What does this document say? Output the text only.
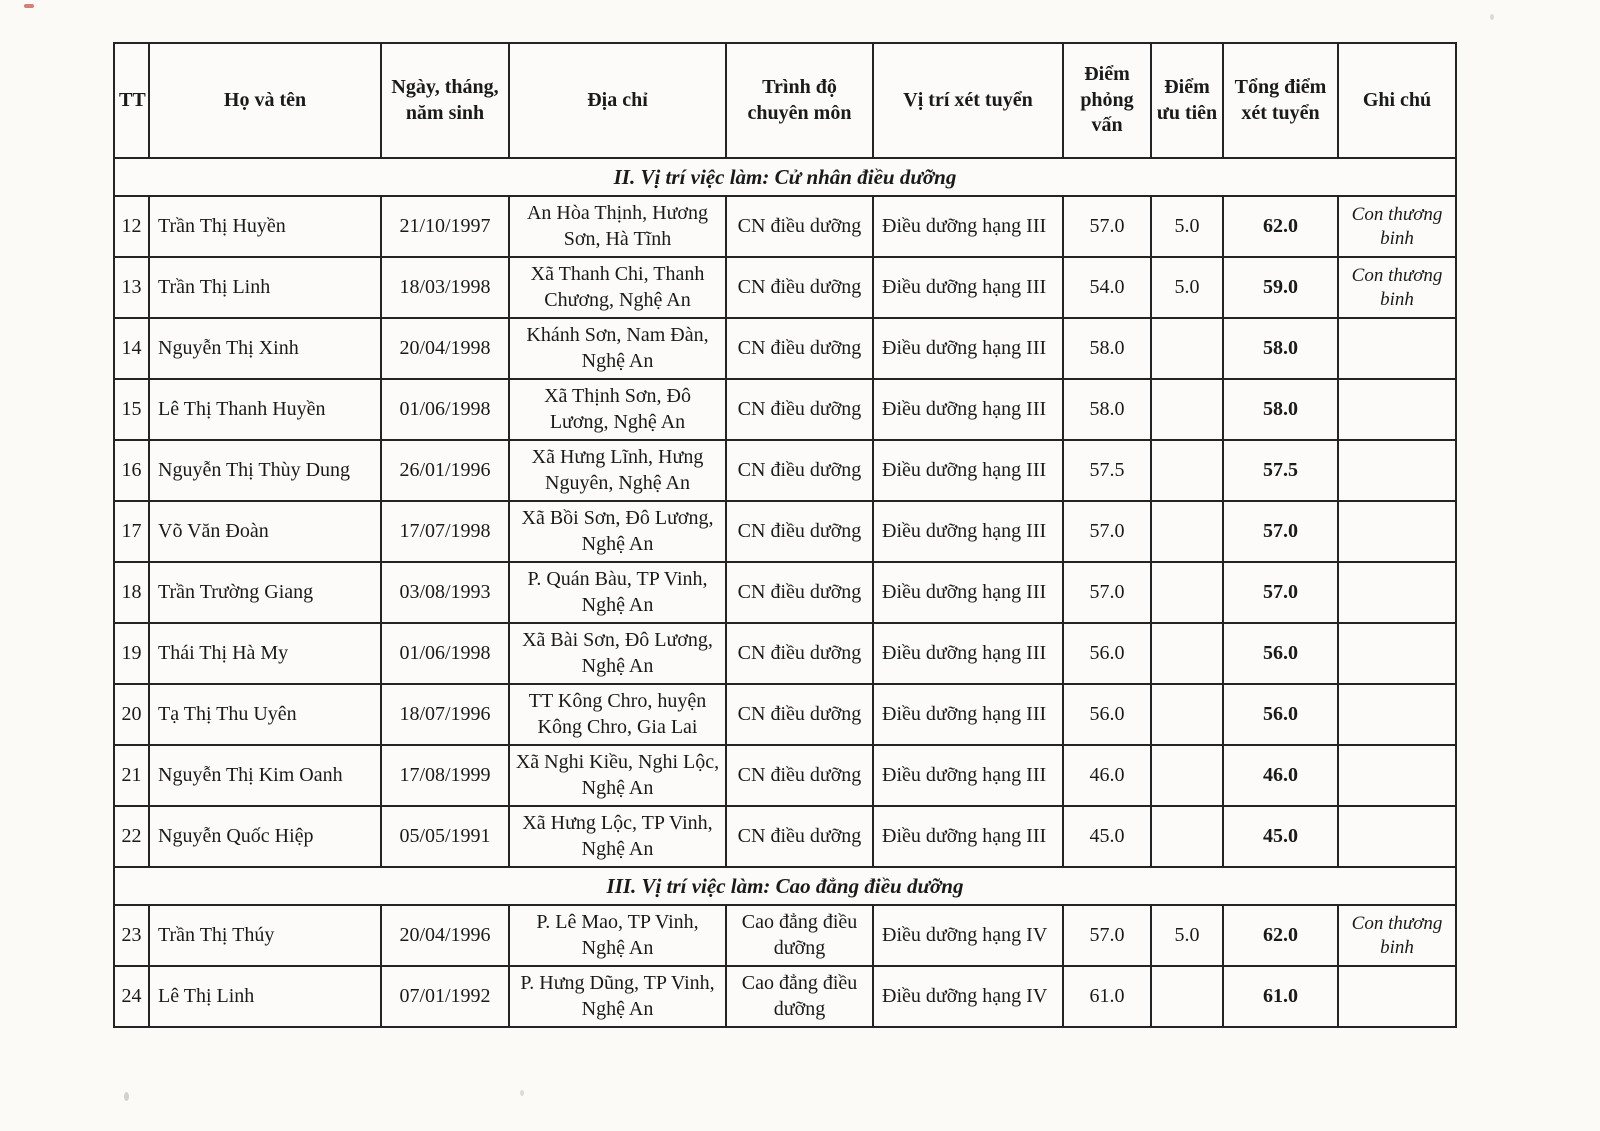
TT	Họ và tên	Ngày, tháng, năm sinh	Địa chỉ	Trình độ chuyên môn	Vị trí xét tuyển	Điểm phỏng vấn	Điểm ưu tiên	Tổng điểm xét tuyển	Ghi chú
II. Vị trí việc làm: Cử nhân điều dưỡng									
12	Trần Thị Huyền	21/10/1997	An Hòa Thịnh, Hương Sơn, Hà Tĩnh	CN điều dưỡng	Điều dưỡng hạng III	57.0	5.0	62.0	Con thương binh
13	Trần Thị Linh	18/03/1998	Xã Thanh Chi, Thanh Chương, Nghệ An	CN điều dưỡng	Điều dưỡng hạng III	54.0	5.0	59.0	Con thương binh
14	Nguyễn Thị Xinh	20/04/1998	Khánh Sơn, Nam Đàn, Nghệ An	CN điều dưỡng	Điều dưỡng hạng III	58.0		58.0	
15	Lê Thị Thanh Huyền	01/06/1998	Xã Thịnh Sơn, Đô Lương, Nghệ An	CN điều dưỡng	Điều dưỡng hạng III	58.0		58.0	
16	Nguyễn Thị Thùy Dung	26/01/1996	Xã Hưng Lĩnh, Hưng Nguyên, Nghệ An	CN điều dưỡng	Điều dưỡng hạng III	57.5		57.5	
17	Võ Văn Đoàn	17/07/1998	Xã Bồi Sơn, Đô Lương, Nghệ An	CN điều dưỡng	Điều dưỡng hạng III	57.0		57.0	
18	Trần Trường Giang	03/08/1993	P. Quán Bàu, TP Vinh, Nghệ An	CN điều dưỡng	Điều dưỡng hạng III	57.0		57.0	
19	Thái Thị Hà My	01/06/1998	Xã Bài Sơn, Đô Lương, Nghệ An	CN điều dưỡng	Điều dưỡng hạng III	56.0		56.0	
20	Tạ Thị Thu Uyên	18/07/1996	TT Kông Chro, huyện Kông Chro, Gia Lai	CN điều dưỡng	Điều dưỡng hạng III	56.0		56.0	
21	Nguyễn Thị Kim Oanh	17/08/1999	Xã Nghi Kiều, Nghi Lộc, Nghệ An	CN điều dưỡng	Điều dưỡng hạng III	46.0		46.0	
22	Nguyễn Quốc Hiệp	05/05/1991	Xã Hưng Lộc, TP Vinh, Nghệ An	CN điều dưỡng	Điều dưỡng hạng III	45.0		45.0	
III. Vị trí việc làm: Cao đẳng điều dưỡng									
23	Trần Thị Thúy	20/04/1996	P. Lê Mao, TP Vinh, Nghệ An	Cao đẳng điều dưỡng	Điều dưỡng hạng IV	57.0	5.0	62.0	Con thương binh
24	Lê Thị Linh	07/01/1992	P. Hưng Dũng, TP Vinh, Nghệ An	Cao đẳng điều dưỡng	Điều dưỡng hạng IV	61.0		61.0	
